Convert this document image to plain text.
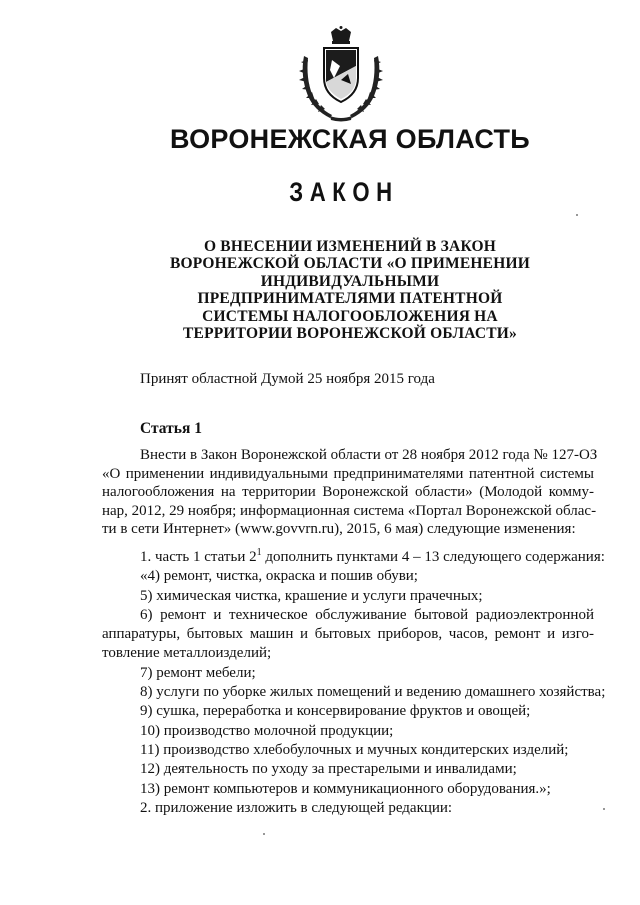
ВОРОНЕЖСКАЯ ОБЛАСТЬ
ЗАКОН
О ВНЕСЕНИИ ИЗМЕНЕНИЙ В ЗАКОН
ВОРОНЕЖСКОЙ ОБЛАСТИ «О ПРИМЕНЕНИИ
ИНДИВИДУАЛЬНЫМИ
ПРЕДПРИНИМАТЕЛЯМИ ПАТЕНТНОЙ
СИСТЕМЫ НАЛОГООБЛОЖЕНИЯ НА
ТЕРРИТОРИИ ВОРОНЕЖСКОЙ ОБЛАСТИ»
Принят областной Думой 25 ноября 2015 года
Статья 1
Внести в Закон Воронежской области от 28 ноября 2012 года № 127-ОЗ
«О применении индивидуальными предпринимателями патентной системы
налогообложения на территории Воронежской области» (Молодой комму-
нар, 2012, 29 ноября; информационная система «Портал Воронежской облас-
ти в сети Интернет» (www.govvrn.ru), 2015, 6 мая) следующие изменения:
1. часть 1 статьи $2^1$ дополнить пунктами 4 – 13 следующего содержания:
«4) ремонт, чистка, окраска и пошив обуви;
5) химическая чистка, крашение и услуги прачечных;
6) ремонт и техническое обслуживание бытовой радиоэлектронной
аппаратуры, бытовых машин и бытовых приборов, часов, ремонт и изго-
товление металлоизделий;
7) ремонт мебели;
8) услуги по уборке жилых помещений и ведению домашнего хозяйства;
9) сушка, переработка и консервирование фруктов и овощей;
10) производство молочной продукции;
11) производство хлебобулочных и мучных кондитерских изделий;
12) деятельность по уходу за престарелыми и инвалидами;
13) ремонт компьютеров и коммуникационного оборудования.»;
2. приложение изложить в следующей редакции:
